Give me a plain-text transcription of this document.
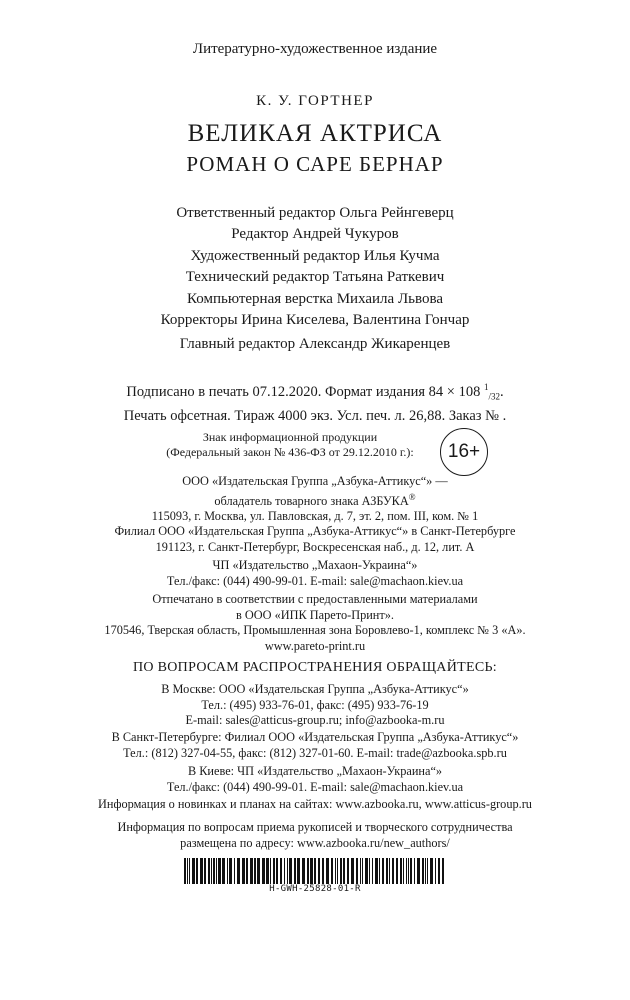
Литературно-художественное издание
К. У. ГОРТНЕР
ВЕЛИКАЯ АКТРИСА
РОМАН О САРЕ БЕРНАР
Ответственный редактор Ольга Рейнгеверц
Редактор Андрей Чукуров
Художественный редактор Илья Кучма
Технический редактор Татьяна Раткевич
Компьютерная верстка Михаила Львова
Корректоры Ирина Киселева, Валентина Гончар
Главный редактор Александр Жикаренцев
Подписано в печать 07.12.2020. Формат издания 84 × 108 $^1_{/32}$.
Печать офсетная. Тираж 4000 экз. Усл. печ. л. 26,88. Заказ № .
Знак информационной продукции
(Федеральный закон № 436-ФЗ от 29.12.2010 г.):	16+
ООО «Издательская Группа „Азбука-Аттикус“» —
обладатель товарного знака АЗБУКА®
115093, г. Москва, ул. Павловская, д. 7, эт. 2, пом. III, ком. № 1
Филиал ООО «Издательская Группа „Азбука-Аттикус“» в Санкт-Петербурге
191123, г. Санкт-Петербург, Воскресенская наб., д. 12, лит. А
ЧП «Издательство „Махаон-Украина“»
Тел./факс: (044) 490-99-01. E-mail: sale@machaon.kiev.ua
Отпечатано в соответствии с предоставленными материалами
в ООО «ИПК Парето-Принт».
170546, Тверская область, Промышленная зона Боровлево-1, комплекс № 3 «А».
www.pareto-print.ru
ПО ВОПРОСАМ РАСПРОСТРАНЕНИЯ ОБРАЩАЙТЕСЬ:
В Москве: ООО «Издательская Группа „Азбука-Аттикус“»
Тел.: (495) 933-76-01, факс: (495) 933-76-19
E-mail: sales@atticus-group.ru; info@azbooka-m.ru
В Санкт-Петербурге: Филиал ООО «Издательская Группа „Азбука-Аттикус“»
Тел.: (812) 327-04-55, факс: (812) 327-01-60. E-mail: trade@azbooka.spb.ru
В Киеве: ЧП «Издательство „Махаон-Украина“»
Тел./факс: (044) 490-99-01. E-mail: sale@machaon.kiev.ua
Информация о новинках и планах на сайтах: www.azbooka.ru, www.atticus-group.ru
Информация по вопросам приема рукописей и творческого сотрудничества
размещена по адресу: www.azbooka.ru/new_authors/
H-GWH-25828-01-R
